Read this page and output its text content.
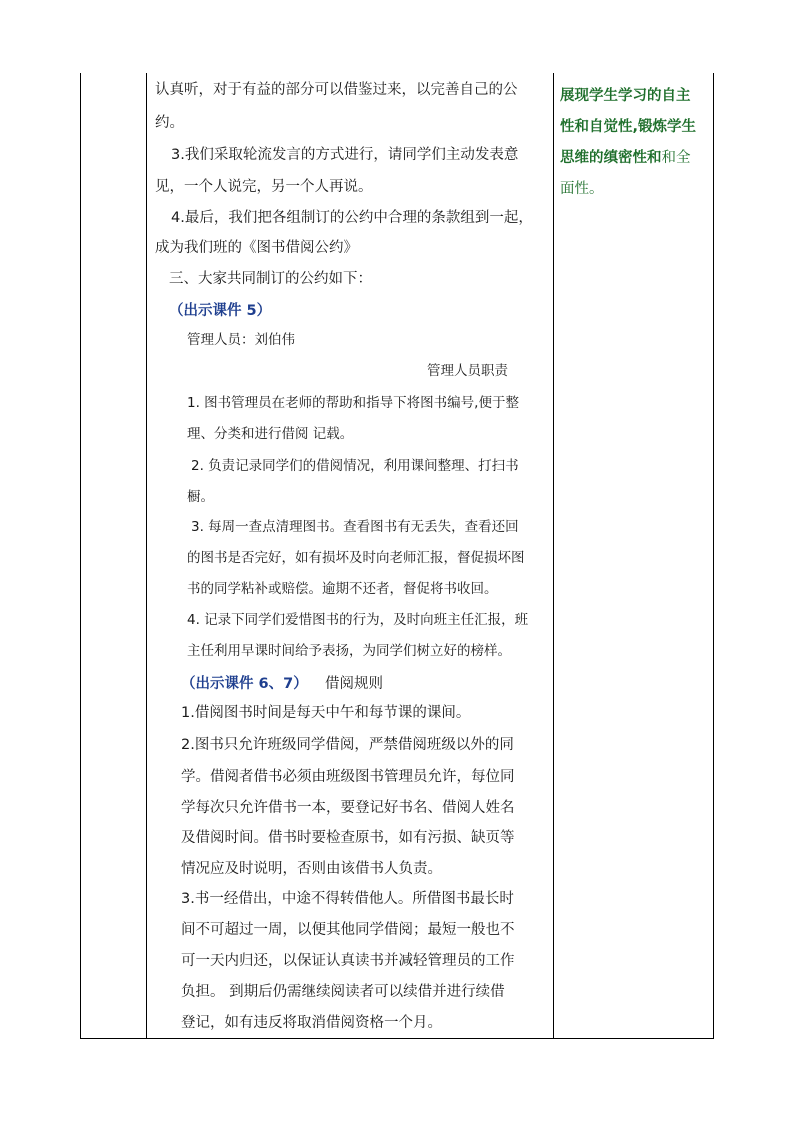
认真听，对于有益的部分可以借鉴过来，以完善自己的公
约。
3.我们采取轮流发言的方式进行，请同学们主动发表意
见，一个人说完，另一个人再说。
4.最后，我们把各组制订的公约中合理的条款组到一起，
成为我们班的《图书借阅公约》
三、大家共同制订的公约如下：
（出示课件 5）
管理人员：刘伯伟
管理人员职责
1. 图书管理员在老师的帮助和指导下将图书编号,便于整
理、分类和进行借阅 记载。
2. 负责记录同学们的借阅情况，利用课间整理、打扫书
橱。
3. 每周一查点清理图书。查看图书有无丢失，查看还回
的图书是否完好，如有损坏及时向老师汇报，督促损坏图
书的同学粘补或赔偿。逾期不还者，督促将书收回。
4. 记录下同学们爱惜图书的行为，及时向班主任汇报，班
主任利用早课时间给予表扬，为同学们树立好的榜样。
（出示课件 6、7） 借阅规则
1.借阅图书时间是每天中午和每节课的课间。
2.图书只允许班级同学借阅，严禁借阅班级以外的同
学。借阅者借书必须由班级图书管理员允许，每位同
学每次只允许借书一本，要登记好书名、借阅人姓名
及借阅时间。借书时要检查原书，如有污损、缺页等
情况应及时说明，否则由该借书人负责。
3.书一经借出，中途不得转借他人。所借图书最长时
间不可超过一周，以便其他同学借阅；最短一般也不
可一天内归还，以保证认真读书并减轻管理员的工作
负担。 到期后仍需继续阅读者可以续借并进行续借
登记，如有违反将取消借阅资格一个月。
展现学生学习的自主
性和自觉性,锻炼学生
思维的缜密性和和全
面性。
